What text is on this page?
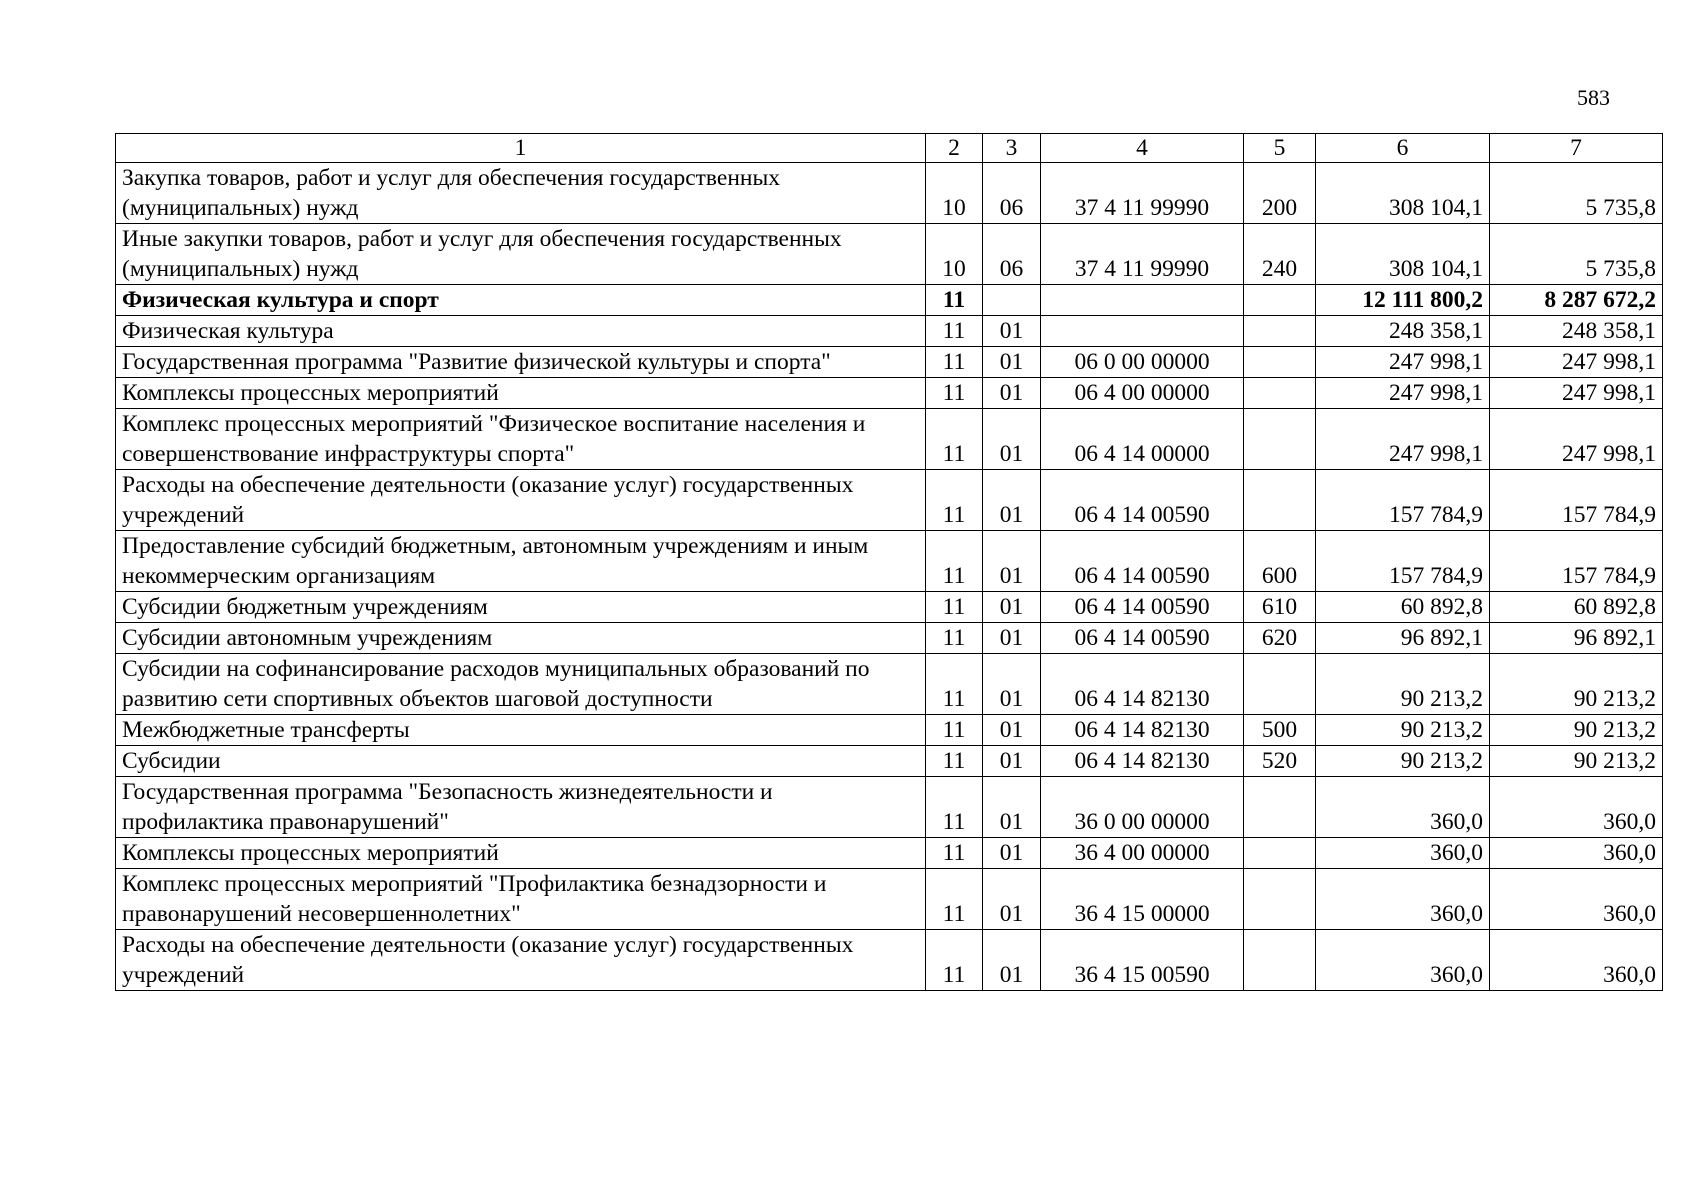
583
1	2	3	4	5	6	7
Закупка товаров, работ и услуг для обеспечения государственных (муниципальных) нужд	10	06	37 4 11 99990	200	308 104,1	5 735,8
Иные закупки товаров, работ и услуг для обеспечения государственных (муниципальных) нужд	10	06	37 4 11 99990	240	308 104,1	5 735,8
Физическая культура и спорт	11				12 111 800,2	8 287 672,2
Физическая культура	11	01			248 358,1	248 358,1
Государственная программа "Развитие физической культуры и спорта"	11	01	06 0 00 00000		247 998,1	247 998,1
Комплексы процессных мероприятий	11	01	06 4 00 00000		247 998,1	247 998,1
Комплекс процессных мероприятий "Физическое воспитание населения и совершенствование инфраструктуры спорта"	11	01	06 4 14 00000		247 998,1	247 998,1
Расходы на обеспечение деятельности (оказание услуг) государственных учреждений	11	01	06 4 14 00590		157 784,9	157 784,9
Предоставление субсидий бюджетным, автономным учреждениям и иным некоммерческим организациям	11	01	06 4 14 00590	600	157 784,9	157 784,9
Субсидии бюджетным учреждениям	11	01	06 4 14 00590	610	60 892,8	60 892,8
Субсидии автономным учреждениям	11	01	06 4 14 00590	620	96 892,1	96 892,1
Субсидии на софинансирование расходов муниципальных образований по развитию сети спортивных объектов шаговой доступности	11	01	06 4 14 82130		90 213,2	90 213,2
Межбюджетные трансферты	11	01	06 4 14 82130	500	90 213,2	90 213,2
Субсидии	11	01	06 4 14 82130	520	90 213,2	90 213,2
Государственная программа "Безопасность жизнедеятельности и профилактика правонарушений"	11	01	36 0 00 00000		360,0	360,0
Комплексы процессных мероприятий	11	01	36 4 00 00000		360,0	360,0
Комплекс процессных мероприятий "Профилактика безнадзорности и правонарушений несовершеннолетних"	11	01	36 4 15 00000		360,0	360,0
Расходы на обеспечение деятельности (оказание услуг) государственных учреждений	11	01	36 4 15 00590		360,0	360,0
